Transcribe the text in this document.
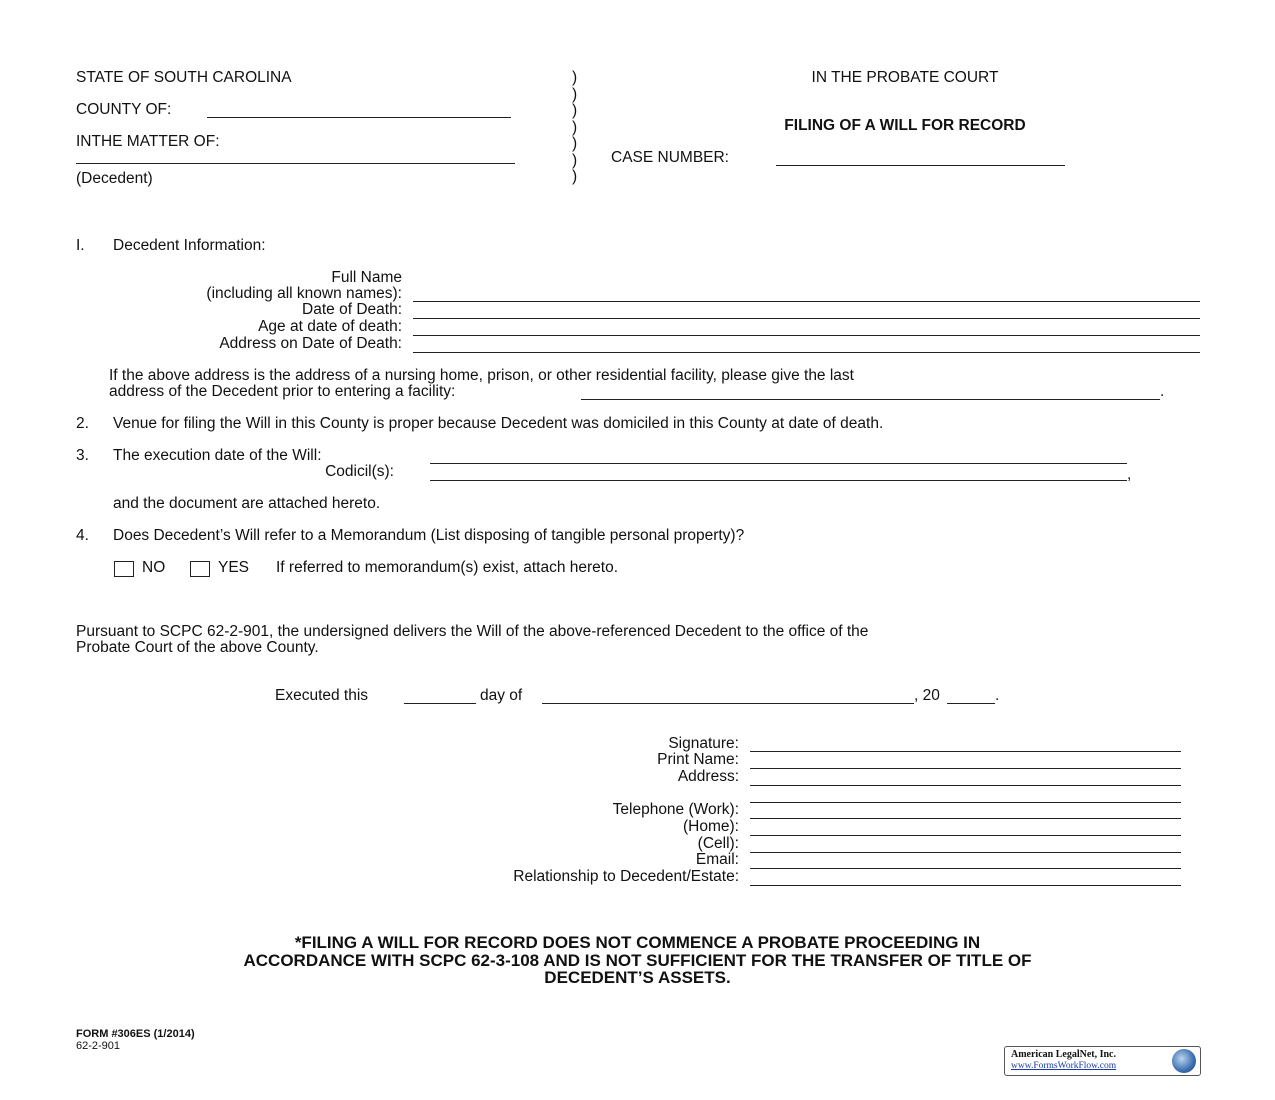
STATE OF SOUTH CAROLINA
COUNTY OF:
INTHE MATTER OF:
(Decedent)
)
)
)
)
)
)
)
IN THE PROBATE COURT
FILING OF A WILL FOR RECORD
CASE NUMBER:
I. Decedent Information:
Full Name
(including all known names):
Date of Death:
Age at date of death:
Address on Date of Death:
If the above address is the address of a nursing home, prison, or other residential facility, please give the last
address of the Decedent prior to entering a facility:	.
2. Venue for filing the Will in this County is proper because Decedent was domiciled in this County at date of death.
3. The execution date of the Will:
Codicil(s):	,
and the document are attached hereto.
4. Does Decedent’s Will refer to a Memorandum (List disposing of tangible personal property)?
NO	YES If referred to memorandum(s) exist, attach hereto.
Pursuant to SCPC 62-2-901, the undersigned delivers the Will of the above-referenced Decedent to the office of the
Probate Court of the above County.
Executed this	day of	, 20	.
Signature:
Print Name:
Address:
Telephone (Work):
(Home):
(Cell):
Email:
Relationship to Decedent/Estate:
*FILING A WILL FOR RECORD DOES NOT COMMENCE A PROBATE PROCEEDING IN ACCORDANCE WITH SCPC 62-3-108 AND IS NOT SUFFICIENT FOR THE TRANSFER OF TITLE OF DECEDENT’S ASSETS.
FORM #306ES (1/2014)
62-2-901
American LegalNet, Inc.
www.FormsWorkFlow.com
